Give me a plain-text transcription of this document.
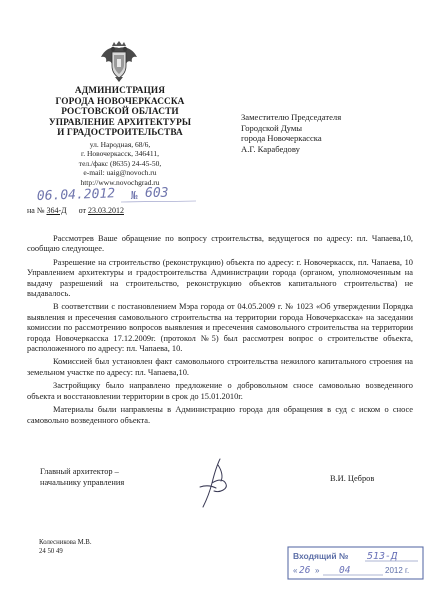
АДМИНИСТРАЦИЯ
ГОРОДА НОВОЧЕРКАССКА
РОСТОВСКОЙ ОБЛАСТИ
УПРАВЛЕНИЕ АРХИТЕКТУРЫ
И ГРАДОСТРОИТЕЛЬСТВА
ул. Народная, 68/6,
г. Новочеркасск, 346411,
тел./факс (8635) 24-45-50,
e-mail: uaig@novoch.ru
http://www.novochgrad.ru
Заместителю Председателя
Городской Думы
города Новочеркасска
А.Г. Карабедову
06.04.2012 № 603
на № 364-Д от 23.03.2012

Рассмотрев Ваше обращение по вопросу строительства, ведущегося по адресу: пл. Чапаева,10, сообщаю следующее.

Разрешение на строительство (реконструкцию) объекта по адресу: г. Новочеркасск, пл. Чапаева, 10 Управлением архитектуры и градостроительства Администрации города (органом, уполномоченным на выдачу разрешений на строительство, реконструкцию объектов капитального строительства) не выдавалось.

В соответствии с постановлением Мэра города от 04.05.2009 г. № 1023 «Об утверждении Порядка выявления и пресечения самовольного строительства на территории города Новочеркасска» на заседании комиссии по рассмотрению вопросов выявления и пресечения самовольного строительства на территории города Новочеркасска 17.12.2009г. (протокол №5) был рассмотрен вопрос о строительстве объекта, расположенного по адресу: пл. Чапаева, 10.

Комиссией был установлен факт самовольного строительства нежилого капитального строения на земельном участке по адресу: пл. Чапаева,10.

Застройщику было направлено предложение о добровольном сносе самовольно возведенного объекта и восстановлении территории в срок до 15.01.2010г.

Материалы были направлены в Администрацию города для обращения в суд с иском о сносе самовольно возведенного объекта.

Главный архитектор –
начальнику управления	В.И. Цебров
Колесникова М.В.
24 50 49	Входящий № 513-Д
« 26 » 04	2012 г.
